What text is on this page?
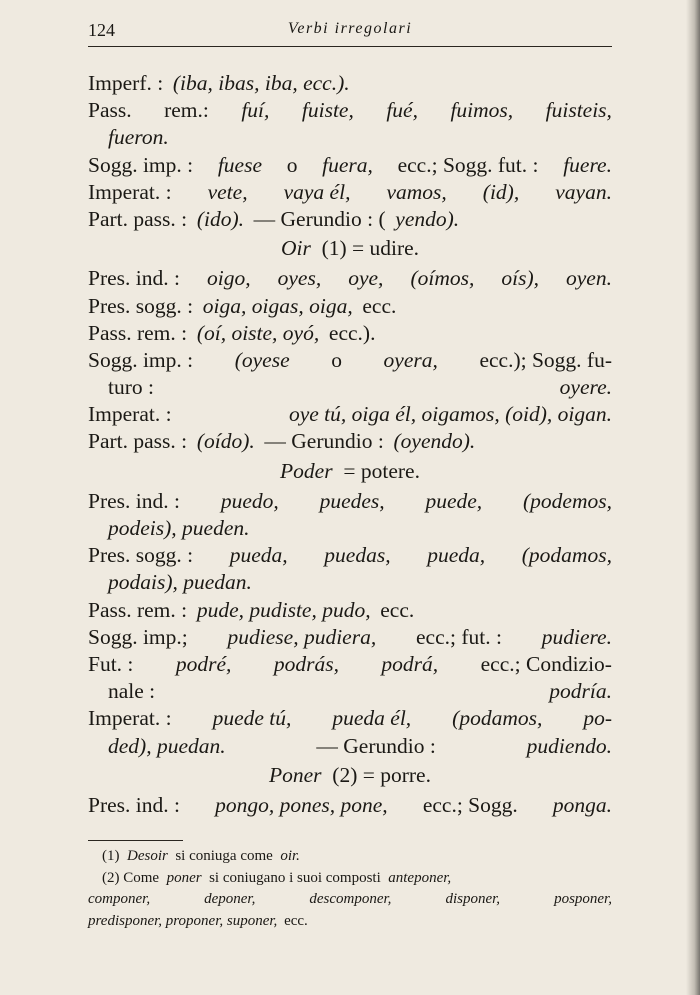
124	Verbi irregolari
Imperf. : (iba, ibas, iba, ecc.).
Pass. rem.: fuí, fuiste, fué, fuimos, fuisteis,
fueron.
Sogg. imp. : fuese o fuera, ecc.; Sogg. fut. : fuere.
Imperat. : vete, vaya él, vamos, (id), vayan.
Part. pass. : (ido). — Gerundio : ( yendo).
Oir (1) = udire.
Pres. ind. : oigo, oyes, oye, (oímos, oís), oyen.
Pres. sogg. : oiga, oigas, oiga, ecc.
Pass. rem. : (oí, oiste, oyó, ecc.).
Sogg. imp. : (oyese o oyera, ecc.); Sogg. fu-
turo :	oyere.
Imperat. :	oye tú, oiga él, oigamos, (oid), oigan.
Part. pass. : (oído). — Gerundio : (oyendo).
Poder = potere.
Pres. ind. : puedo, puedes, puede, (podemos,
podeis), pueden.
Pres. sogg. : pueda, puedas, pueda, (podamos,
podais), puedan.
Pass. rem. : pude, pudiste, pudo, ecc.
Sogg. imp.; pudiese, pudiera, ecc.; fut. : pudiere.
Fut. : podré, podrás, podrá, ecc.; Condizio-
nale :	podría.
Imperat. : puede tú, pueda él, (podamos, po-
ded), puedan.	— Gerundio :	pudiendo.
Poner (2) = porre.
Pres. ind. : pongo, pones, pone, ecc.; Sogg. ponga.
(1) Desoir si coniuga come oir.
(2) Come poner si coniugano i suoi composti anteponer,
componer,	deponer,	descomponer,	disponer,	posponer,
predisponer, proponer, suponer, ecc.
